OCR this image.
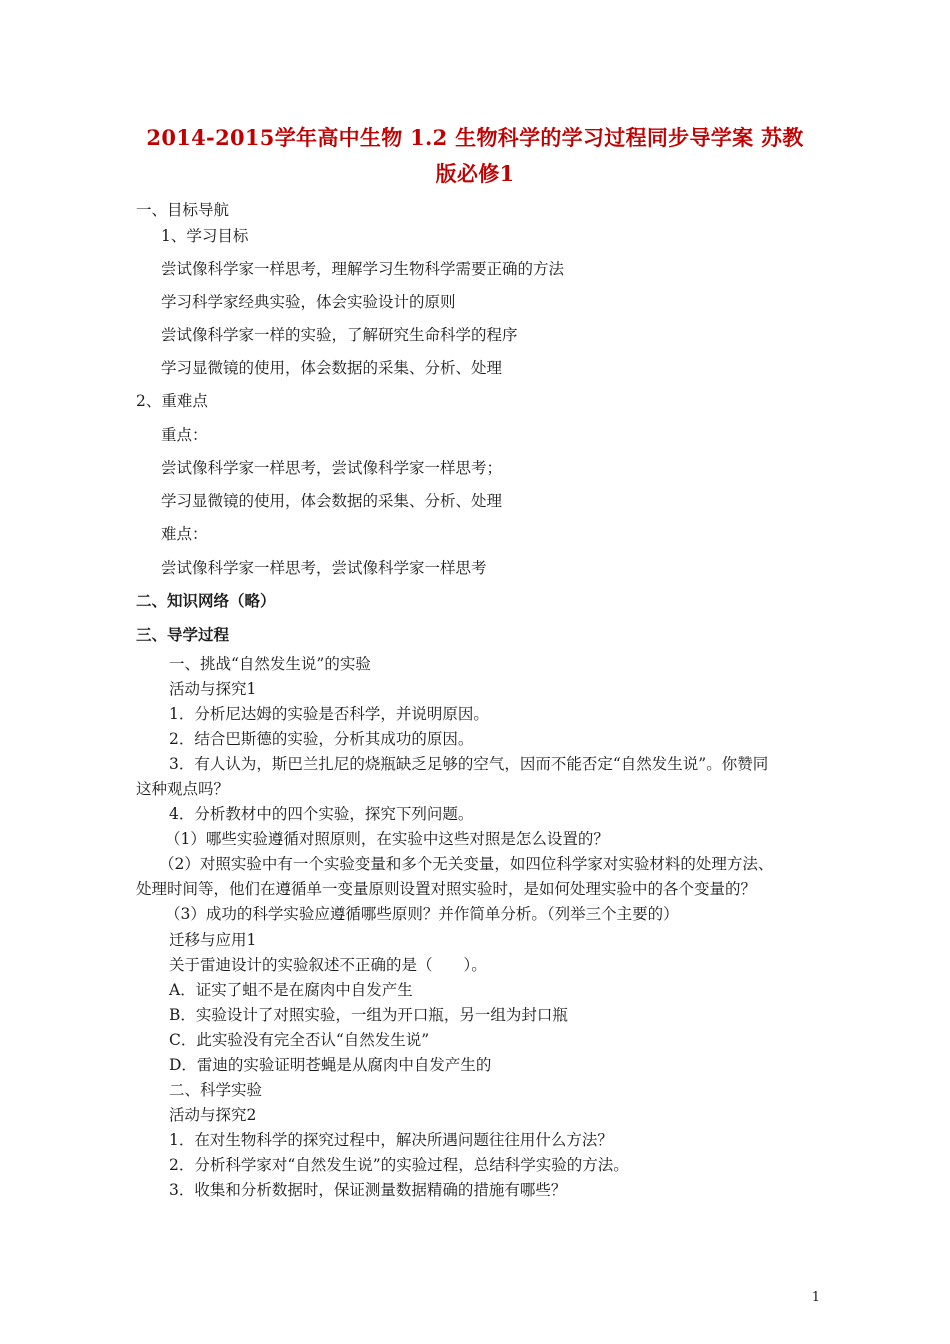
2014-2015学年高中生物 1.2 生物科学的学习过程同步导学案 苏教
版必修1
一、目标导航
1、学习目标
尝试像科学家一样思考，理解学习生物科学需要正确的方法
学习科学家经典实验，体会实验设计的原则
尝试像科学家一样的实验，了解研究生命科学的程序
学习显微镜的使用，体会数据的采集、分析、处理
2、重难点
重点：
尝试像科学家一样思考，尝试像科学家一样思考；
学习显微镜的使用，体会数据的采集、分析、处理
难点：
尝试像科学家一样思考，尝试像科学家一样思考
二、知识网络（略）
三、导学过程
一、挑战“自然发生说”的实验
活动与探究1
1．分析尼达姆的实验是否科学，并说明原因。
2．结合巴斯德的实验，分析其成功的原因。
3．有人认为，斯巴兰扎尼的烧瓶缺乏足够的空气，因而不能否定“自然发生说”。你赞同
这种观点吗？
4．分析教材中的四个实验，探究下列问题。
（1）哪些实验遵循对照原则，在实验中这些对照是怎么设置的？
（2）对照实验中有一个实验变量和多个无关变量，如四位科学家对实验材料的处理方法、
处理时间等，他们在遵循单一变量原则设置对照实验时，是如何处理实验中的各个变量的？
（3）成功的科学实验应遵循哪些原则？并作简单分析。（列举三个主要的）
迁移与应用1
关于雷迪设计的实验叙述不正确的是（　　）。
A．证实了蛆不是在腐肉中自发产生
B．实验设计了对照实验，一组为开口瓶，另一组为封口瓶
C．此实验没有完全否认“自然发生说”
D．雷迪的实验证明苍蝇是从腐肉中自发产生的
二、科学实验
活动与探究2
1．在对生物科学的探究过程中，解决所遇问题往往用什么方法？
2．分析科学家对“自然发生说”的实验过程，总结科学实验的方法。
3．收集和分析数据时，保证测量数据精确的措施有哪些？
1
